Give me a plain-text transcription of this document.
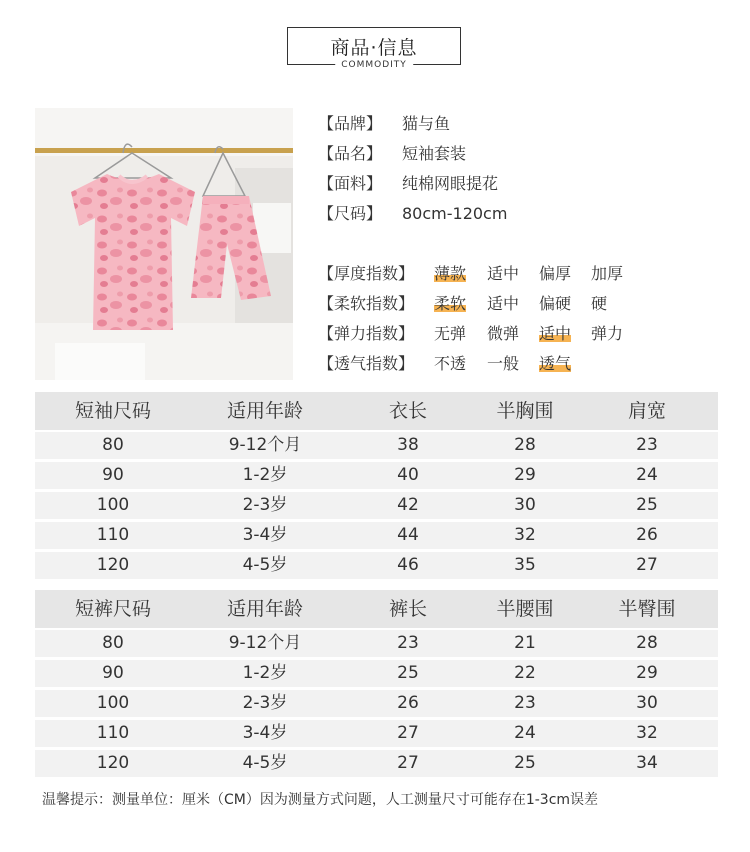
商品·信息
COMMODITY
【品牌】 猫与鱼
【品名】 短袖套装
【面料】 纯棉网眼提花
【尺码】 80cm-120cm
【厚度指数】 薄款 适中 偏厚 加厚
【柔软指数】 柔软 适中 偏硬 硬
【弹力指数】 无弹 微弹 适中 弹力
【透气指数】 不透 一般 透气
短袖尺码	适用年龄	衣长	半胸围	肩宽
80	9-12个月	38	28	23
90	1-2岁	40	29	24
100	2-3岁	42	30	25
110	3-4岁	44	32	26
120	4-5岁	46	35	27
短裤尺码	适用年龄	裤长	半腰围	半臀围
80	9-12个月	23	21	28
90	1-2岁	25	22	29
100	2-3岁	26	23	30
110	3-4岁	27	24	32
120	4-5岁	27	25	34
温馨提示：测量单位：厘米（CM）因为测量方式问题，人工测量尺寸可能存在1-3cm误差
